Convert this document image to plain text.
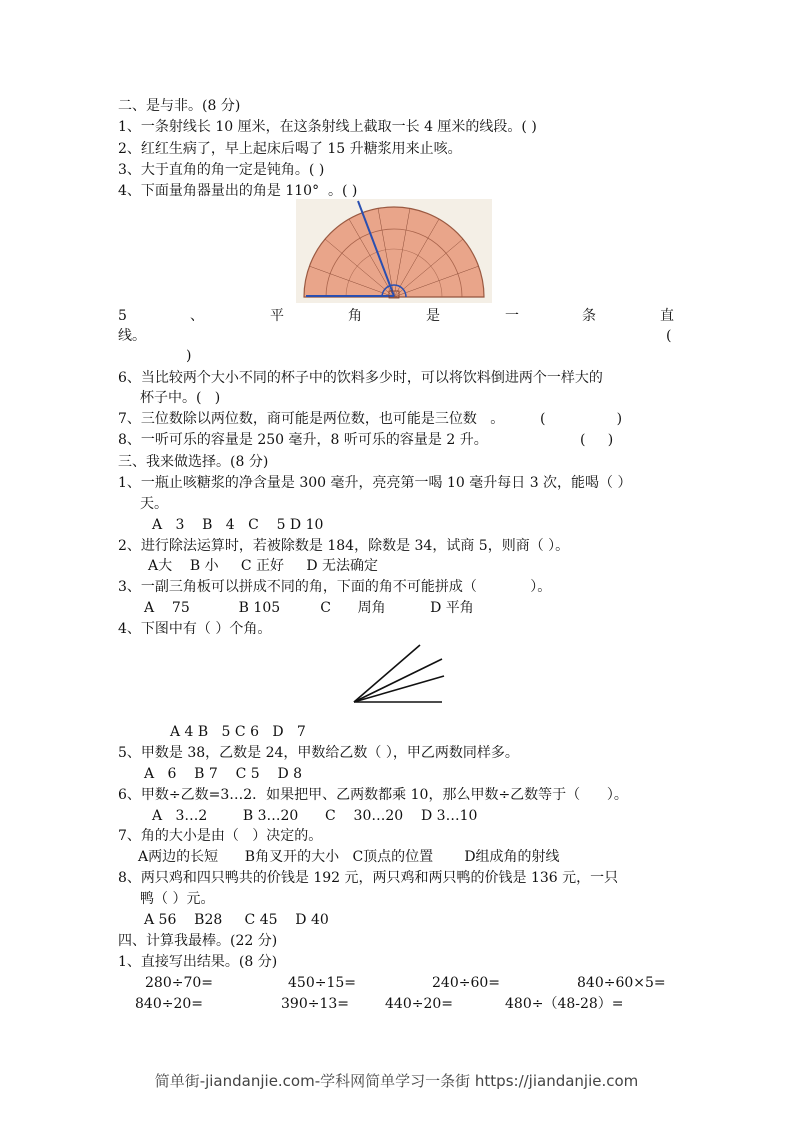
二、是与非。(8 分)
1、一条射线长 10 厘米，在这条射线上截取一长 4 厘米的线段。( )
2、红红生病了，早上起床后喝了 15 升糖浆用来止咳。
3、大于直角的角一定是钝角。( )
4、下面量角器量出的角是 110°  。( )
5	、	平	角	是	一	条	直
线。	(
)
6、当比较两个大小不同的杯子中的饮料多少时，可以将饮料倒进两个一样大的
杯子中。(   )
7、三位数除以两位数，商可能是两位数，也可能是三位数   。	(                )
8、一听可乐的容量是 250 毫升，8 听可乐的容量是 2 升。	(     )
三、我来做选择。(8 分)
1、一瓶止咳糖浆的净含量是 300 毫升，亮亮第一喝 10 毫升每日 3 次，能喝（ ）
天。
A   3    B   4   C    5 D 10
2、进行除法运算时，若被除数是 184，除数是 34，试商 5，则商（ ）。
A大    B 小     C 正好     D 无法确定
3、一副三角板可以拼成不同的角，下面的角不可能拼成（            ）。
A    75           B 105         C      周角          D 平角
4、下图中有（ ）个角。
A 4 B   5 C 6   D   7
5、甲数是 38，乙数是 24，甲数给乙数（ ），甲乙两数同样多。
A   6    B 7    C 5    D 8
6、甲数÷乙数=3…2．如果把甲、乙两数都乘 10，那么甲数÷乙数等于（      ）。
A   3…2        B 3…20      C    30…20    D 3…10
7、角的大小是由（   ）决定的。
A两边的长短      B角叉开的大小   C顶点的位置       D组成角的射线
8、两只鸡和四只鸭共的价钱是 192 元，两只鸡和两只鸭的价钱是 136 元，一只
鸭（ ）元。
A 56    B28     C 45    D 40
四、计算我最棒。(22 分)
1、直接写出结果。(8 分)
280÷70=	450÷15=	240÷60=	840÷60×5=
840÷20=	390÷13=	440÷20=	480÷（48-28）=
简单街-jiandanjie.com-学科网简单学习一条街 https://jiandanjie.com
